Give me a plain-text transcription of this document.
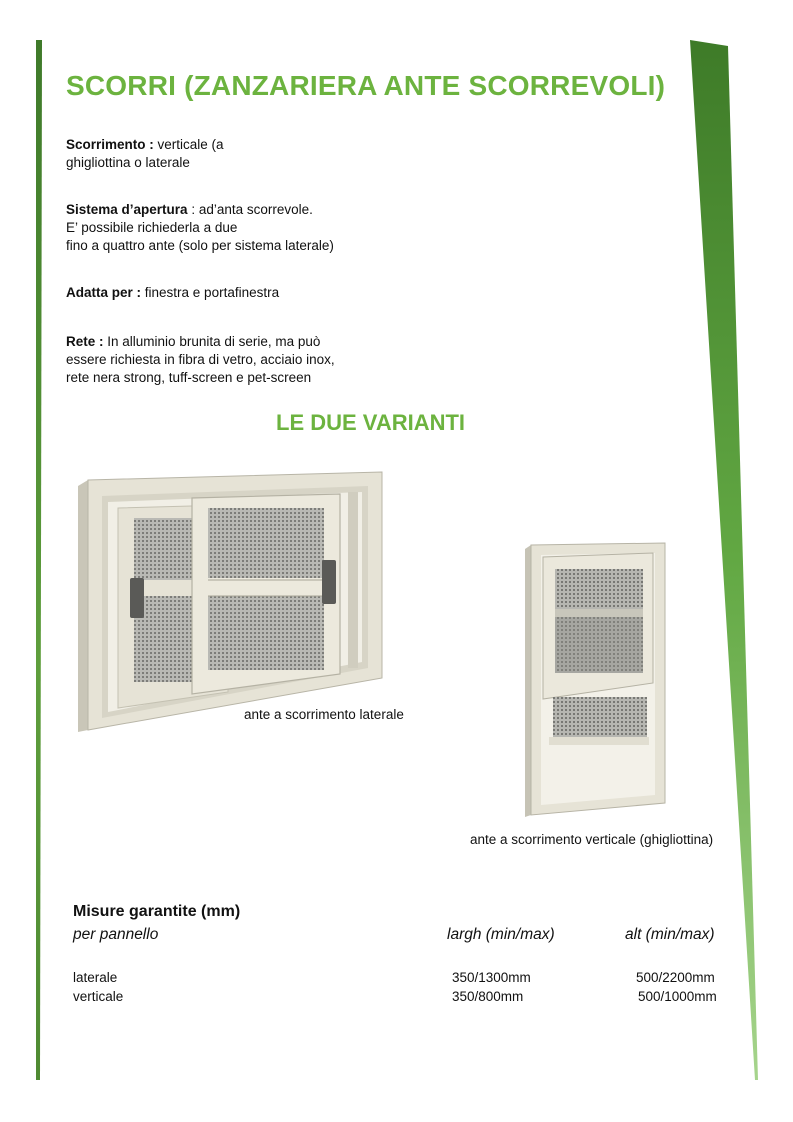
SCORRI (ZANZARIERA ANTE SCORREVOLI)
Scorrimento : verticale (a
ghigliottina o laterale
Sistema d’apertura : ad’anta scorrevole.
E’ possibile richiederla a due
fino a quattro ante (solo per sistema laterale)
Adatta per : finestra e portafinestra
Rete : In alluminio brunita di serie, ma può
essere richiesta in fibra di vetro, acciaio inox,
rete nera strong, tuff-screen e pet-screen
LE DUE VARIANTI
ante a scorrimento laterale
ante a scorrimento verticale (ghigliottina)
Misure garantite (mm)
per pannello	largh (min/max)	alt (min/max)
laterale	350/1300mm	500/2200mm
verticale	350/800mm	500/1000mm
